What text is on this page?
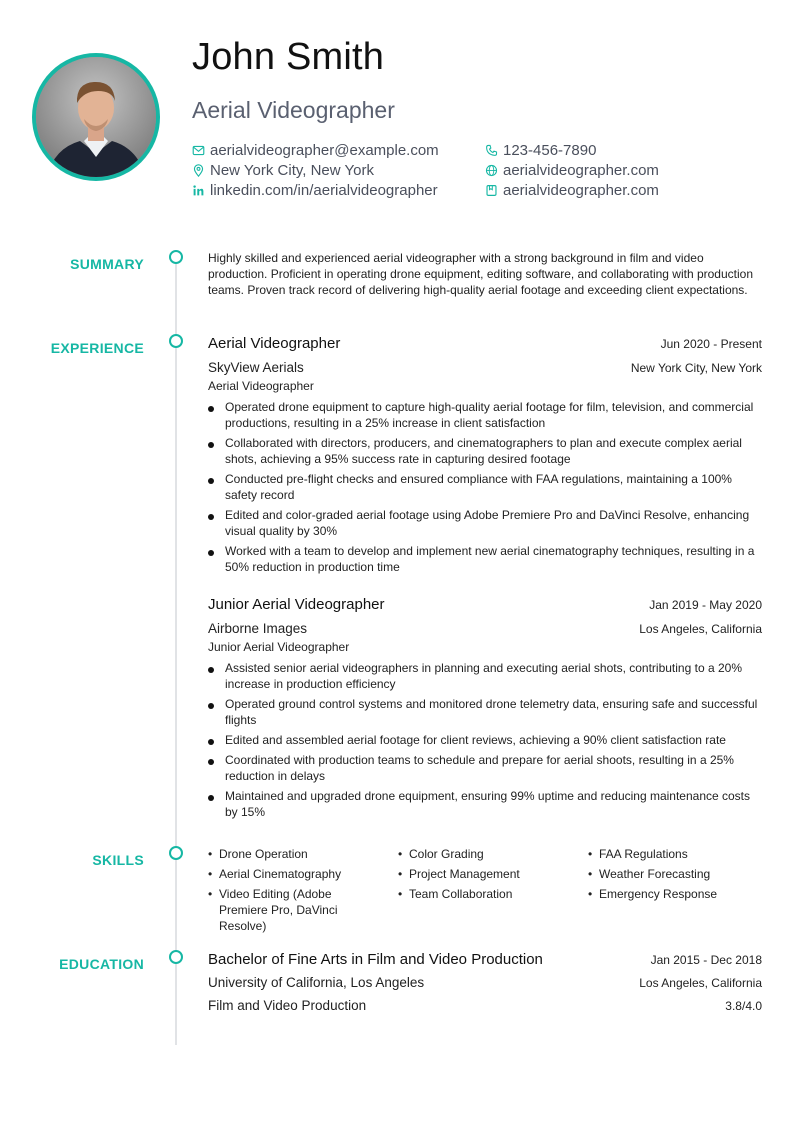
John Smith
Aerial Videographer
aerialvideographer@example.com	123-456-7890
New York City, New York	aerialvideographer.com
linkedin.com/in/aerialvideographer	aerialvideographer.com
SUMMARY	Highly skilled and experienced aerial videographer with a strong background in film and video production. Proficient in operating drone equipment, editing software, and collaborating with production teams. Proven track record of delivering high-quality aerial footage and exceeding client expectations.
EXPERIENCE	Aerial Videographer	Jun 2020 - Present
SkyView Aerials	New York City, New York
Aerial Videographer
Operated drone equipment to capture high-quality aerial footage for film, television, and commercial productions, resulting in a 25% increase in client satisfaction
Collaborated with directors, producers, and cinematographers to plan and execute complex aerial shots, achieving a 95% success rate in capturing desired footage
Conducted pre-flight checks and ensured compliance with FAA regulations, maintaining a 100% safety record
Edited and color-graded aerial footage using Adobe Premiere Pro and DaVinci Resolve, enhancing visual quality by 30%
Worked with a team to develop and implement new aerial cinematography techniques, resulting in a 50% reduction in production time
Junior Aerial Videographer	Jan 2019 - May 2020
Airborne Images	Los Angeles, California
Junior Aerial Videographer
Assisted senior aerial videographers in planning and executing aerial shots, contributing to a 20% increase in production efficiency
Operated ground control systems and monitored drone telemetry data, ensuring safe and successful flights
Edited and assembled aerial footage for client reviews, achieving a 90% client satisfaction rate
Coordinated with production teams to schedule and prepare for aerial shoots, resulting in a 25% reduction in delays
Maintained and upgraded drone equipment, ensuring 99% uptime and reducing maintenance costs by 15%
SKILLS
•	Drone Operation
• Aerial Cinematography
• Video Editing (Adobe Premiere Pro, DaVinci Resolve)
• Color Grading
• Project Management
• Team Collaboration
• FAA Regulations
• Weather Forecasting
• Emergency Response
EDUCATION	Bachelor of Fine Arts in Film and Video Production	Jan 2015 - Dec 2018
University of California, Los Angeles	Los Angeles, California
Film and Video Production	3.8/4.0
